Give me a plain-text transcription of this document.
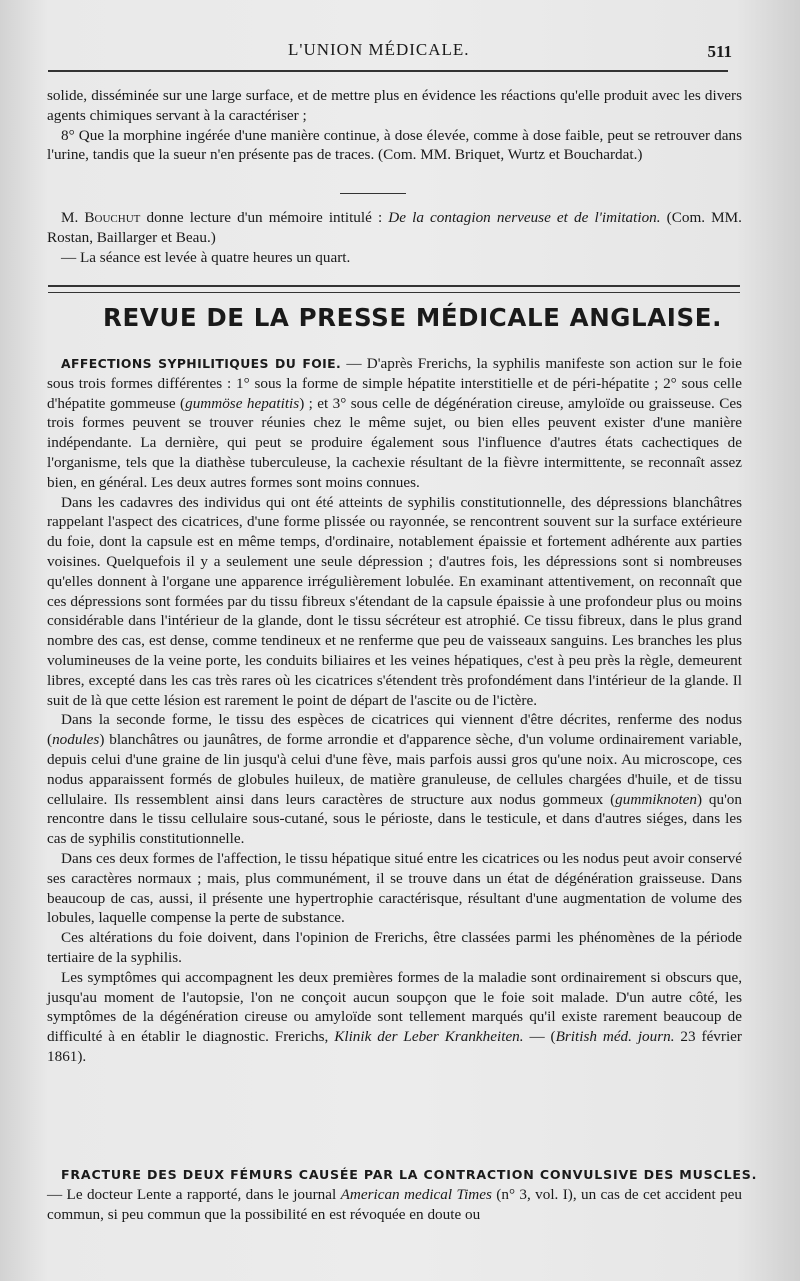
L'UNION MÉDICALE.	511

solide, disséminée sur une large surface, et de mettre plus en évidence les réactions qu'elle produit avec les divers agents chimiques servant à la caractériser ;

8° Que la morphine ingérée d'une manière continue, à dose élevée, comme à dose faible, peut se retrouver dans l'urine, tandis que la sueur n'en présente pas de traces. (Com. MM. Briquet, Wurtz et Bouchardat.)

M. Bouchut donne lecture d'un mémoire intitulé : De la contagion nerveuse et de l'imitation. (Com. MM. Rostan, Baillarger et Beau.)

— La séance est levée à quatre heures un quart.

REVUE DE LA PRESSE MÉDICALE ANGLAISE.

AFFECTIONS SYPHILITIQUES DU FOIE. — D'après Frerichs, la syphilis manifeste son action sur le foie sous trois formes différentes : 1° sous la forme de simple hépatite interstitielle et de péri-hépatite ; 2° sous celle d'hépatite gommeuse (gummöse hepatitis) ; et 3° sous celle de dégénération cireuse, amyloïde ou graisseuse. Ces trois formes peuvent se trouver réunies chez le même sujet, ou bien elles peuvent exister d'une manière indépendante. La dernière, qui peut se produire également sous l'influence d'autres états cachectiques de l'organisme, tels que la diathèse tuberculeuse, la cachexie résultant de la fièvre intermittente, se reconnaît assez bien, en général. Les deux autres formes sont moins connues.

Dans les cadavres des individus qui ont été atteints de syphilis constitutionnelle, des dépressions blanchâtres rappelant l'aspect des cicatrices, d'une forme plissée ou rayonnée, se rencontrent souvent sur la surface extérieure du foie, dont la capsule est en même temps, d'ordinaire, notablement épaissie et fortement adhérente aux parties voisines. Quelquefois il y a seulement une seule dépression ; d'autres fois, les dépressions sont si nombreuses qu'elles donnent à l'organe une apparence irrégulièrement lobulée. En examinant attentivement, on reconnaît que ces dépressions sont formées par du tissu fibreux s'étendant de la capsule épaissie à une profondeur plus ou moins considérable dans l'intérieur de la glande, dont le tissu sécréteur est atrophié. Ce tissu fibreux, dans le plus grand nombre des cas, est dense, comme tendineux et ne renferme que peu de vaisseaux sanguins. Les branches les plus volumineuses de la veine porte, les conduits biliaires et les veines hépatiques, c'est à peu près la règle, demeurent libres, excepté dans les cas très rares où les cicatrices s'étendent très profondément dans l'intérieur de la glande. Il suit de là que cette lésion est rarement le point de départ de l'ascite ou de l'ictère.

Dans la seconde forme, le tissu des espèces de cicatrices qui viennent d'être décrites, renferme des nodus (nodules) blanchâtres ou jaunâtres, de forme arrondie et d'apparence sèche, d'un volume ordinairement variable, depuis celui d'une graine de lin jusqu'à celui d'une fève, mais parfois aussi gros qu'une noix. Au microscope, ces nodus apparaissent formés de globules huileux, de matière granuleuse, de cellules chargées d'huile, et de tissu cellulaire. Ils ressemblent ainsi dans leurs caractères de structure aux nodus gommeux (gummiknoten) qu'on rencontre dans le tissu cellulaire sous-cutané, sous le périoste, dans le testicule, et dans d'autres siéges, dans les cas de syphilis constitutionnelle.

Dans ces deux formes de l'affection, le tissu hépatique situé entre les cicatrices ou les nodus peut avoir conservé ses caractères normaux ; mais, plus communément, il se trouve dans un état de dégénération graisseuse. Dans beaucoup de cas, aussi, il présente une hypertrophie caractérisque, résultant d'une augmentation de volume des lobules, laquelle compense la perte de substance.

Ces altérations du foie doivent, dans l'opinion de Frerichs, être classées parmi les phénomènes de la période tertiaire de la syphilis.

Les symptômes qui accompagnent les deux premières formes de la maladie sont ordinairement si obscurs que, jusqu'au moment de l'autopsie, l'on ne conçoit aucun soupçon que le foie soit malade. D'un autre côté, les symptômes de la dégénération cireuse ou amyloïde sont tellement marqués qu'il existe rarement beaucoup de difficulté à en établir le diagnostic. Frerichs, Klinik der Leber Krankheiten. — (British méd. journ. 23 février 1861).

FRACTURE DES DEUX FÉMURS CAUSÉE PAR LA CONTRACTION CONVULSIVE DES MUSCLES.

— Le docteur Lente a rapporté, dans le journal American medical Times (n° 3, vol. I), un cas de cet accident peu commun, si peu commun que la possibilité en est révoquée en doute ou
